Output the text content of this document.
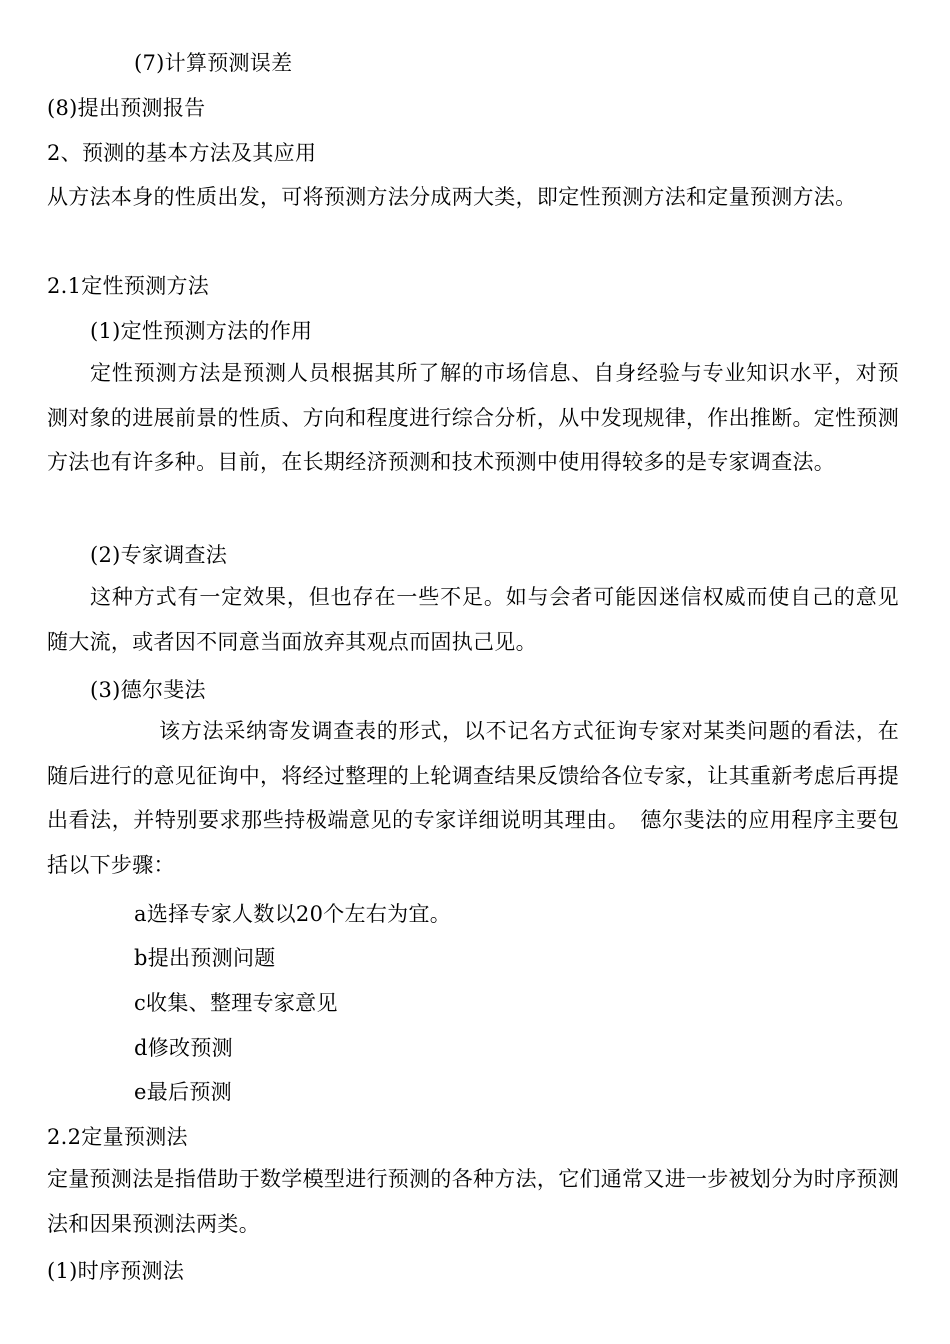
(7)计算预测误差
(8)提出预测报告
2、预测的基本方法及其应用
从方法本身的性质出发，可将预测方法分成两大类，即定性预测方法和定量预测方法。
2.1定性预测方法
(1)定性预测方法的作用
定性预测方法是预测人员根据其所了解的市场信息、自身经验与专业知识水平，对预测对象的进展前景的性质、方向和程度进行综合分析，从中发现规律，作出推断。定性预测方法也有许多种。目前，在长期经济预测和技术预测中使用得较多的是专家调查法。
(2)专家调查法
这种方式有一定效果，但也存在一些不足。如与会者可能因迷信权威而使自己的意见随大流，或者因不同意当面放弃其观点而固执己见。
(3)德尔斐法
该方法采纳寄发调查表的形式，以不记名方式征询专家对某类问题的看法，在随后进行的意见征询中，将经过整理的上轮调查结果反馈给各位专家，让其重新考虑后再提出看法，并特别要求那些持极端意见的专家详细说明其理由。　德尔斐法的应用程序主要包括以下步骤：
a选择专家人数以20个左右为宜。
b提出预测问题
c收集、整理专家意见
d修改预测
e最后预测
2.2定量预测法
定量预测法是指借助于数学模型进行预测的各种方法，它们通常又进一步被划分为时序预测法和因果预测法两类。
(1)时序预测法
